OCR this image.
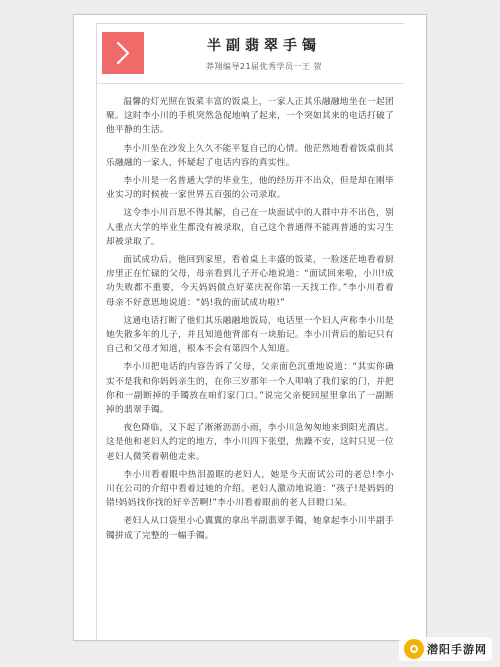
半副翡翠手镯
莽翔编导21届优秀学员一王 贺

温馨的灯光照在饭菜丰富的饭桌上，一家人正其乐融融地坐在一起团聚。这时李小川的手机突然急促地响了起来，一个突如其来的电话打破了他平静的生活。

李小川坐在沙发上久久不能平复自己的心情。他茫然地看着饭桌前其乐融融的一家人，怀疑起了电话内容的真实性。

李小川是一名普通大学的毕业生，他的经历并不出众，但是却在刚毕业实习的时候被一家世界五百强的公司录取。

这令李小川百思不得其解，自己在一块面试中的人群中并不出色，别人重点大学的毕业生都没有被录取，自己这个普通得不能再普通的实习生却被录取了。

面试成功后，他回到家里，看着桌上丰盛的饭菜，一脸迷茫地看着厨房里正在忙碌的父母，母亲看到儿子开心地说道：“面试回来啦，小川!成功失败都不重要，今天妈妈做点好菜庆祝你第一天找工作。”李小川看着母亲不好意思地说道：“妈!我的面试成功啦!”

这通电话打断了他们其乐融融地饭局，电话里一个妇人声称李小川是她失散多年的儿子，并且知道他背部有一块胎记。李小川背后的胎记只有自己和父母才知道，根本不会有第四个人知道。

李小川把电话的内容告诉了父母，父亲面色沉重地说道：“其实你确实不是我和你妈妈亲生的，在你三岁那年一个人叩响了我们家的门，并把你和一副断掉的手镯放在咱们家门口。”说完父亲便回屋里拿出了一副断掉的翡翠手镯。

夜色降临，又下起了淅淅沥沥小雨，李小川急匆匆地来到阳光酒店。这是他和老妇人约定的地方，李小川四下张望，焦躁不安，这时只见一位老妇人微笑着朝他走来。

李小川看着眼中热泪盈眶的老妇人，她是今天面试公司的老总!李小川在公司的介绍中看着过她的介绍。老妇人激动地说道：“孩子!是妈妈的错!妈妈找你找的好辛苦啊!”李小川看着眼前的老人目瞪口呆。

老妇人从口袋里小心翼翼的拿出半副翡翠手镯，她拿起李小川半副手镯拼成了完整的一幅手镯。

潜阳手游网
